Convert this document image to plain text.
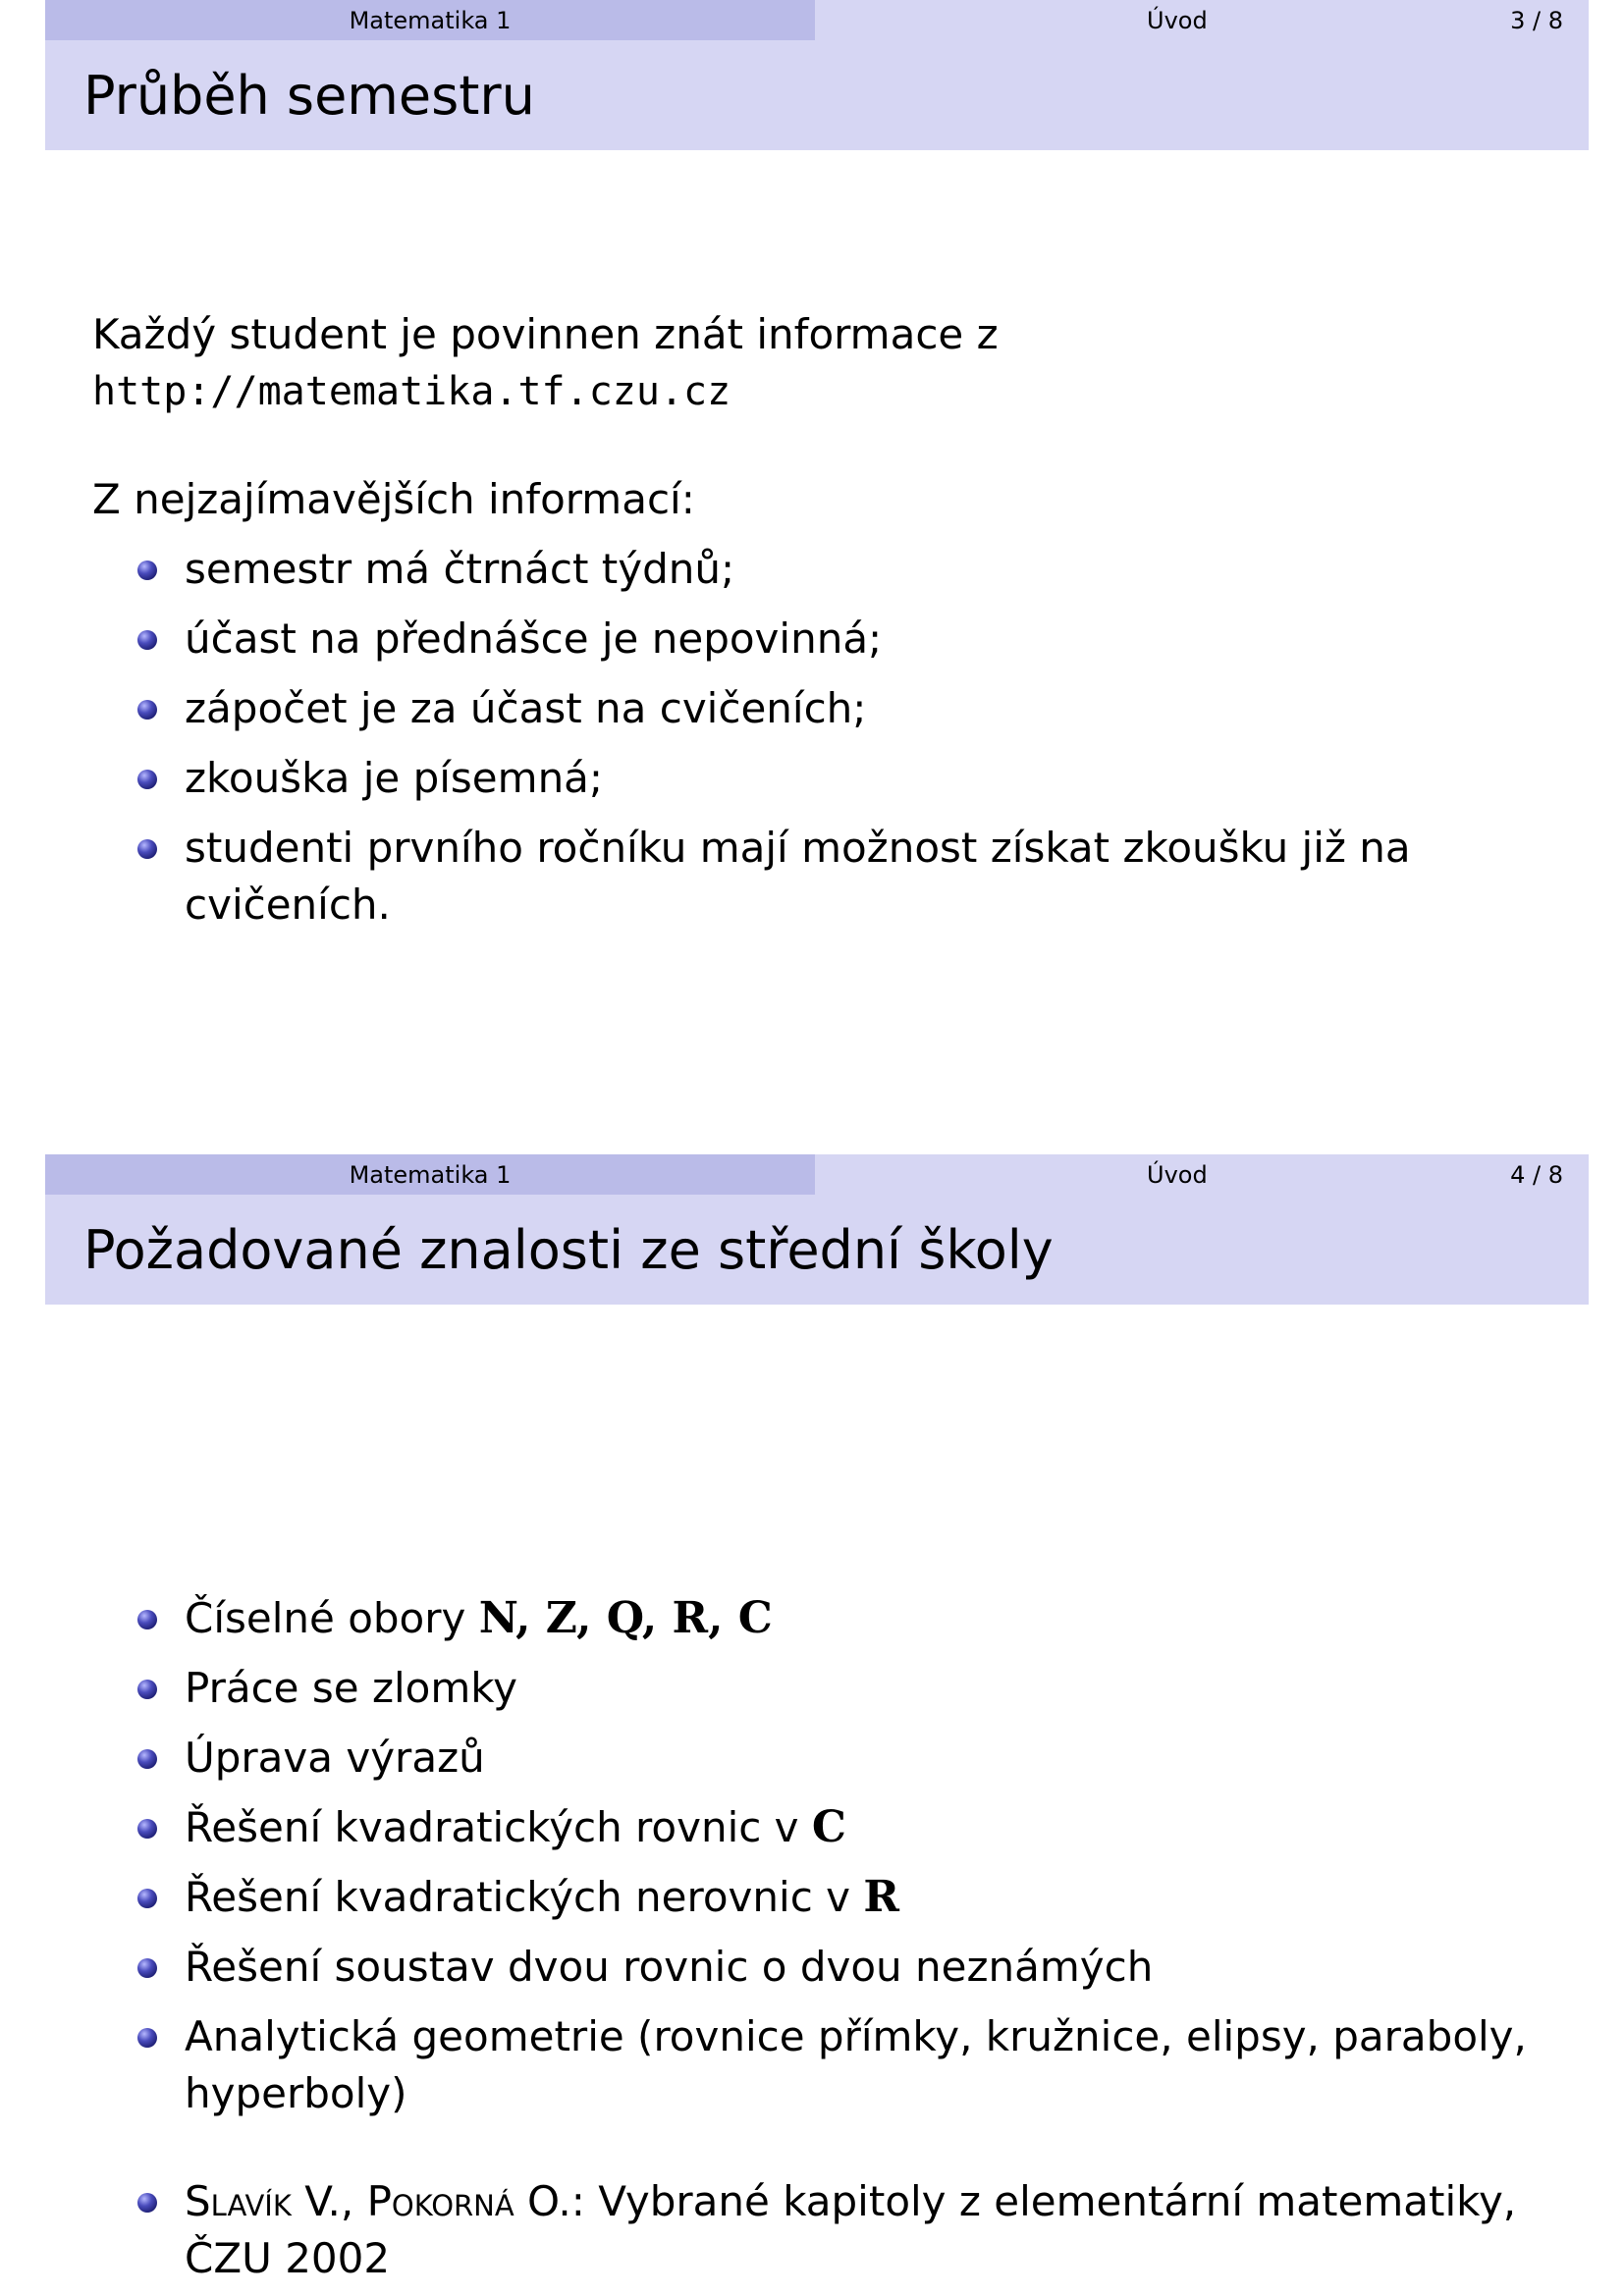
Matematika 1	Úvod	3 / 8
Průběh semestru
Každý student je povinnen znát informace z
http://matematika.tf.czu.cz
Z nejzajímavějších informací:
semestr má čtrnáct týdnů;
účast na přednášce je nepovinná;
zápočet je za účast na cvičeních;
zkouška je písemná;
studenti prvního ročníku mají možnost získat zkoušku již na cvičeních.
Matematika 1	Úvod	4 / 8
Požadované znalosti ze střední školy
Číselné obory N, Z, Q, R, C
Práce se zlomky
Úprava výrazů
Řešení kvadratických rovnic v C
Řešení kvadratických nerovnic v R
Řešení soustav dvou rovnic o dvou neznámých
Analytická geometrie (rovnice přímky, kružnice, elipsy, paraboly, hyperboly)
Slavík V., Pokorná O.: Vybrané kapitoly z elementární matematiky, ČZU 2002
